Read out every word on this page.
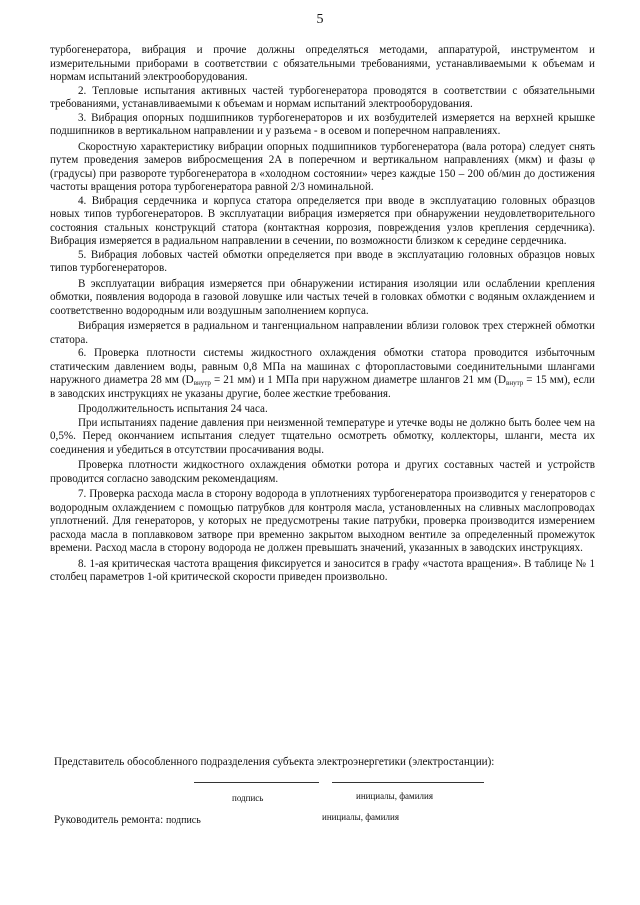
5

турбогенератора, вибрация и прочие должны определяться методами, аппаратурой, инструментом и измерительными приборами в соответствии с обязательными требованиями, устанавливаемыми к объемам и нормам испытаний электрооборудования.

2. Тепловые испытания активных частей турбогенератора проводятся в соответствии с обязательными требованиями, устанавливаемыми к объемам и нормам испытаний электрооборудования.

3. Вибрация опорных подшипников турбогенераторов и их возбудителей измеряется на верхней крышке подшипников в вертикальном направлении и у разъема - в осевом и поперечном направлениях.

Скоростную характеристику вибрации опорных подшипников турбогенератора (вала ротора) следует снять путем проведения замеров вибросмещения 2А в поперечном и вертикальном направлениях (мкм) и фазы φ (градусы) при развороте турбогенератора в «холодном состоянии» через каждые 150 – 200 об/мин до достижения частоты вращения ротора турбогенератора равной 2/3 номинальной.

4. Вибрация сердечника и корпуса статора определяется при вводе в эксплуатацию головных образцов новых типов турбогенераторов. В эксплуатации вибрация измеряется при обнаружении неудовлетворительного состояния стальных конструкций статора (контактная коррозия, повреждения узлов крепления сердечника). Вибрация измеряется в радиальном направлении в сечении, по возможности близком к середине сердечника.

5. Вибрация лобовых частей обмотки определяется при вводе в эксплуатацию головных образцов новых типов турбогенераторов.

В эксплуатации вибрация измеряется при обнаружении истирания изоляции или ослаблении крепления обмотки, появления водорода в газовой ловушке или частых течей в головках обмотки с водяным охлаждением и соответственно водородным или воздушным заполнением корпуса.

Вибрация измеряется в радиальном и тангенциальном направлении вблизи головок трех стержней обмотки статора.

6. Проверка плотности системы жидкостного охлаждения обмотки статора проводится избыточным статическим давлением воды, равным 0,8 МПа на машинах с фторопластовыми соединительными шлангами наружного диаметра 28 мм ($D_{внутр} = 21$ мм) и 1 МПа при наружном диаметре шлангов 21 мм ($D_{внутр} = 15$ мм), если в заводских инструкциях не указаны другие, более жесткие требования.

Продолжительность испытания 24 часа.

При испытаниях падение давления при неизменной температуре и утечке воды не должно быть более чем на 0,5%. Перед окончанием испытания следует тщательно осмотреть обмотку, коллекторы, шланги, места их соединения и убедиться в отсутствии просачивания воды.

Проверка плотности жидкостного охлаждения обмотки ротора и других составных частей и устройств проводится согласно заводским рекомендациям.

7. Проверка расхода масла в сторону водорода в уплотнениях турбогенератора производится у генераторов с водородным охлаждением с помощью патрубков для контроля масла, установленных на сливных маслопроводах уплотнений. Для генераторов, у которых не предусмотрены такие патрубки, проверка производится измерением расхода масла в поплавковом затворе при временно закрытом выходном вентиле за определенный промежуток времени. Расход масла в сторону водорода не должен превышать значений, указанных в заводских инструкциях.

8. 1-ая критическая частота вращения фиксируется и заносится в графу «частота вращения». В таблице № 1 столбец параметров 1-ой критической скорости приведен произвольно.

Представитель обособленного подразделения субъекта электроэнергетики (электростанции):
подпись	инициалы, фамилия
Руководитель ремонта: подпись	инициалы, фамилия
